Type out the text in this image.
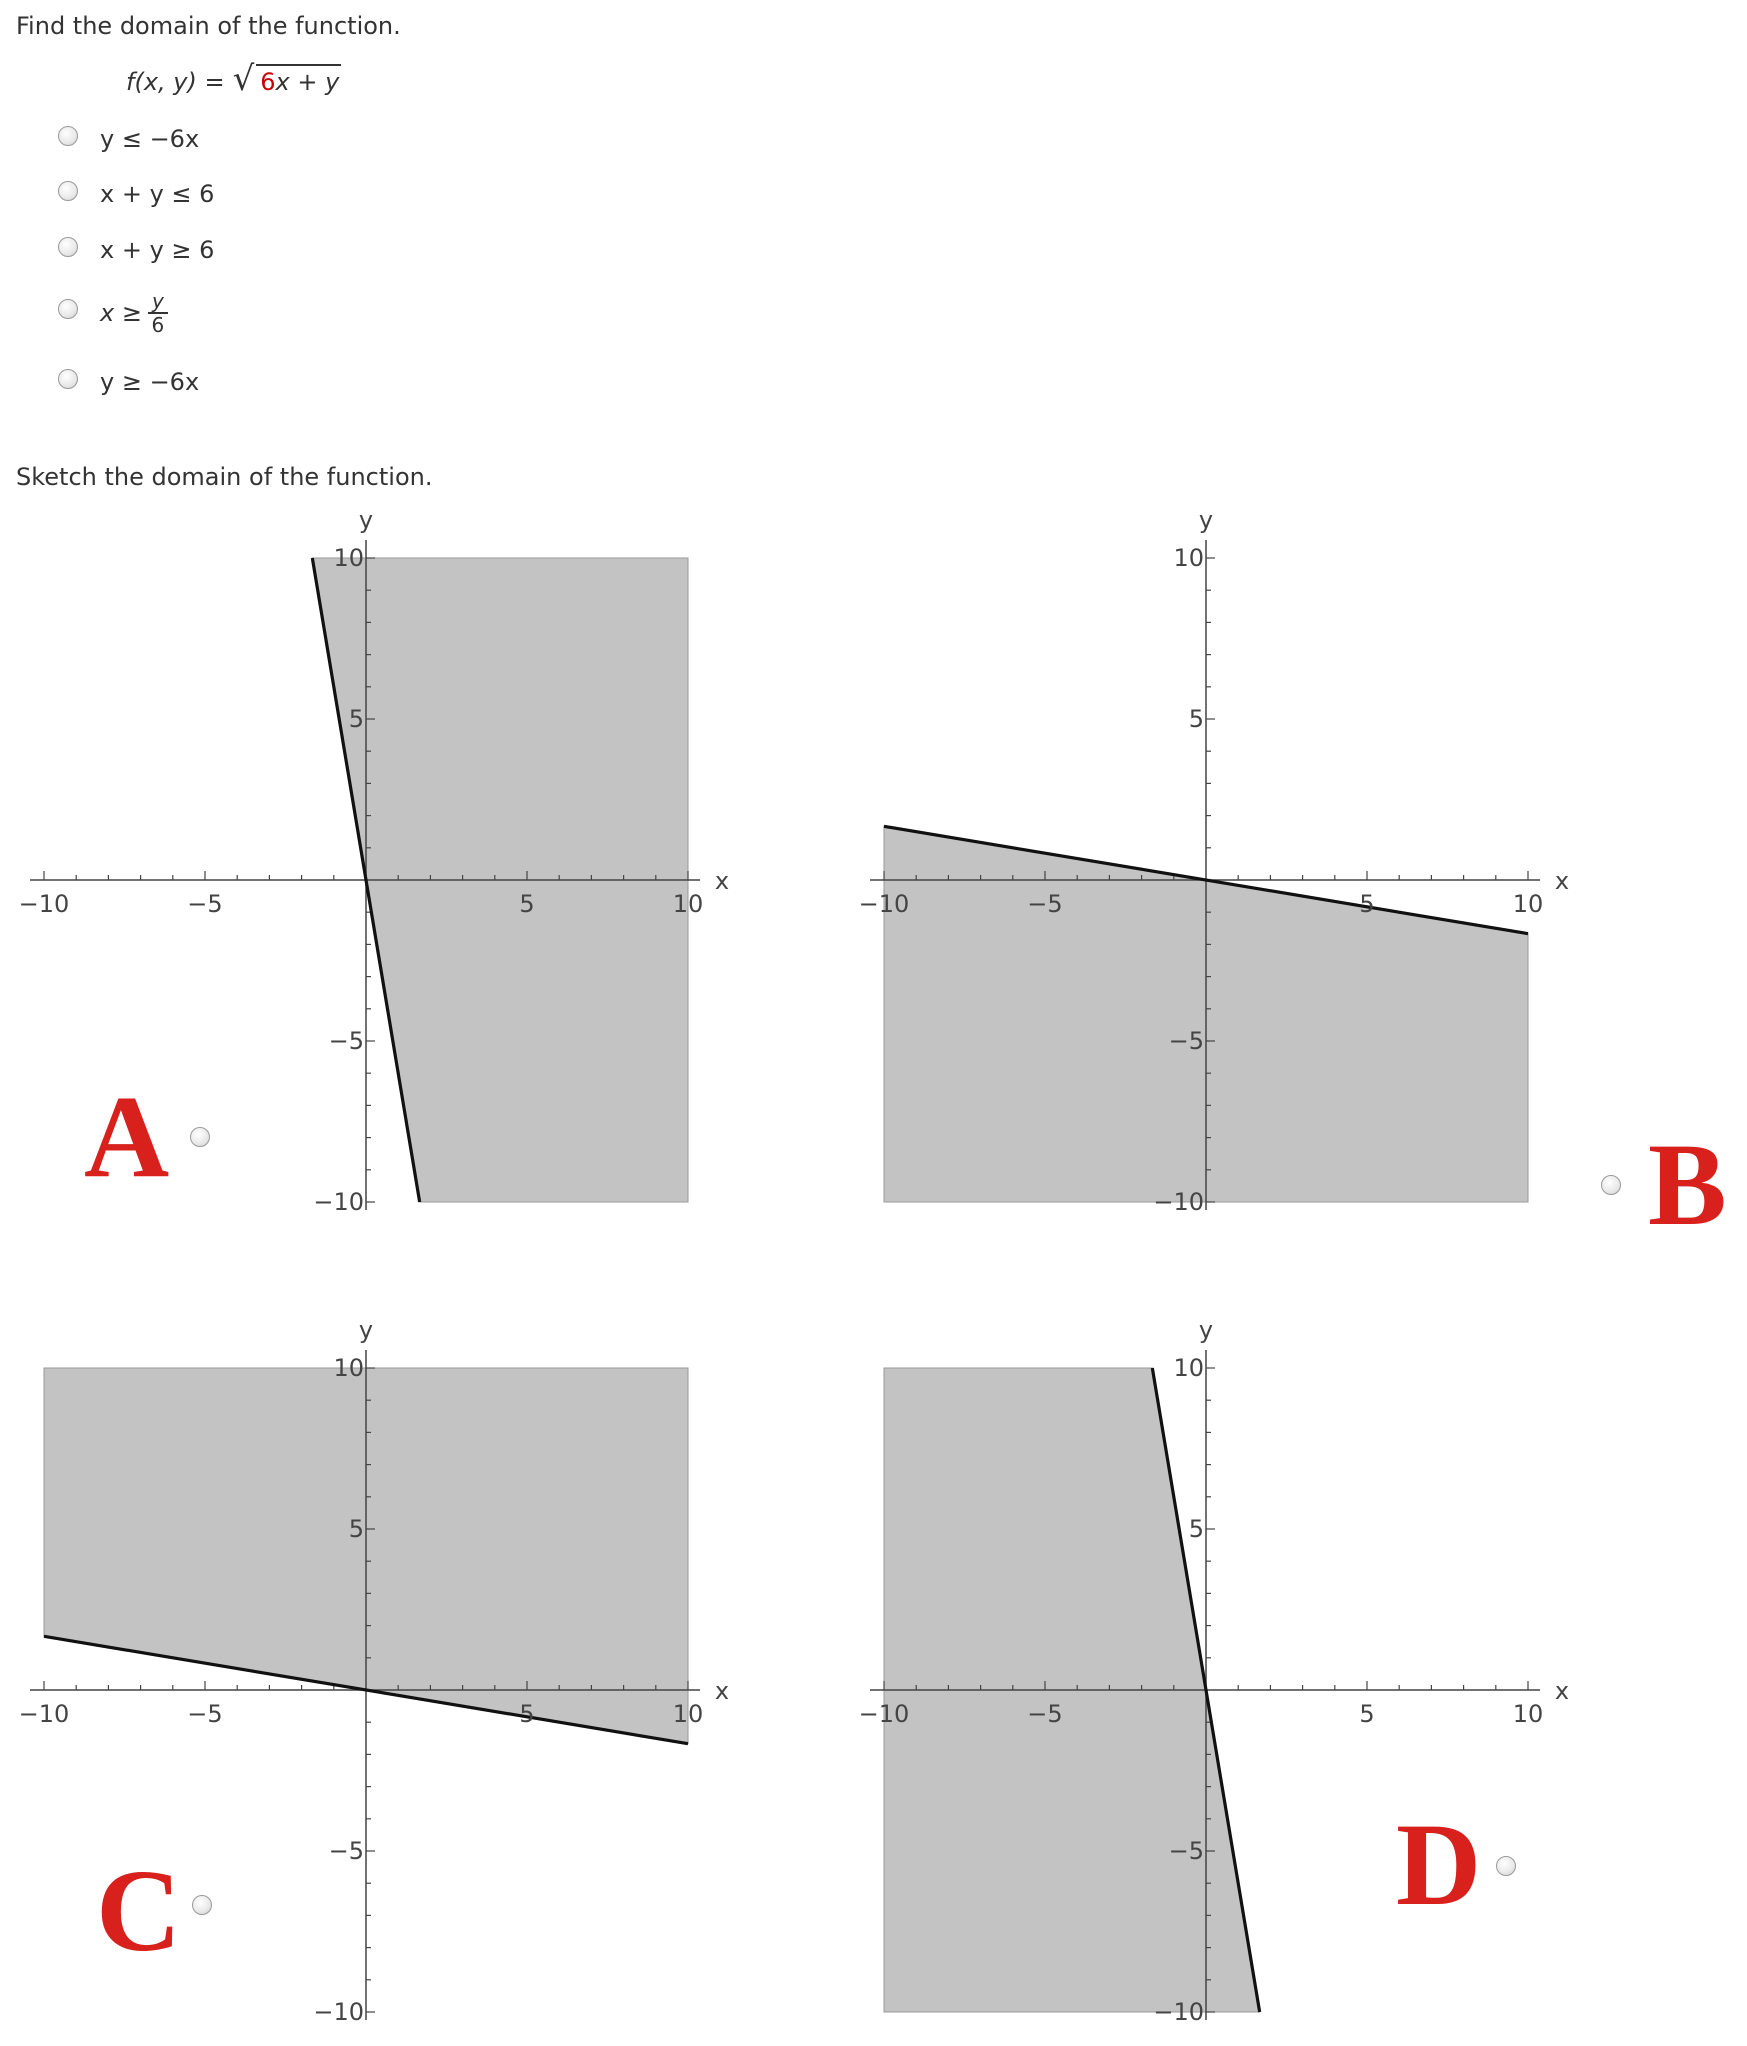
Find the domain of the function.
f(x, y) = √ 6x + y
y ≤ −6x
x + y ≤ 6
x + y ≥ 6
$x \ge \frac{y}{6}$
y ≥ −6x
Sketch the domain of the function.
−10	−5	5	10
10
5
−5
−10
x
y
−10	−5	5	10
10
5
−5
−10
x
y
−10	−5	5	10
10
5
−5
−10
x
y
−10	−5	5	10
10
5
−5
−10
x
y
A	B
C	D
